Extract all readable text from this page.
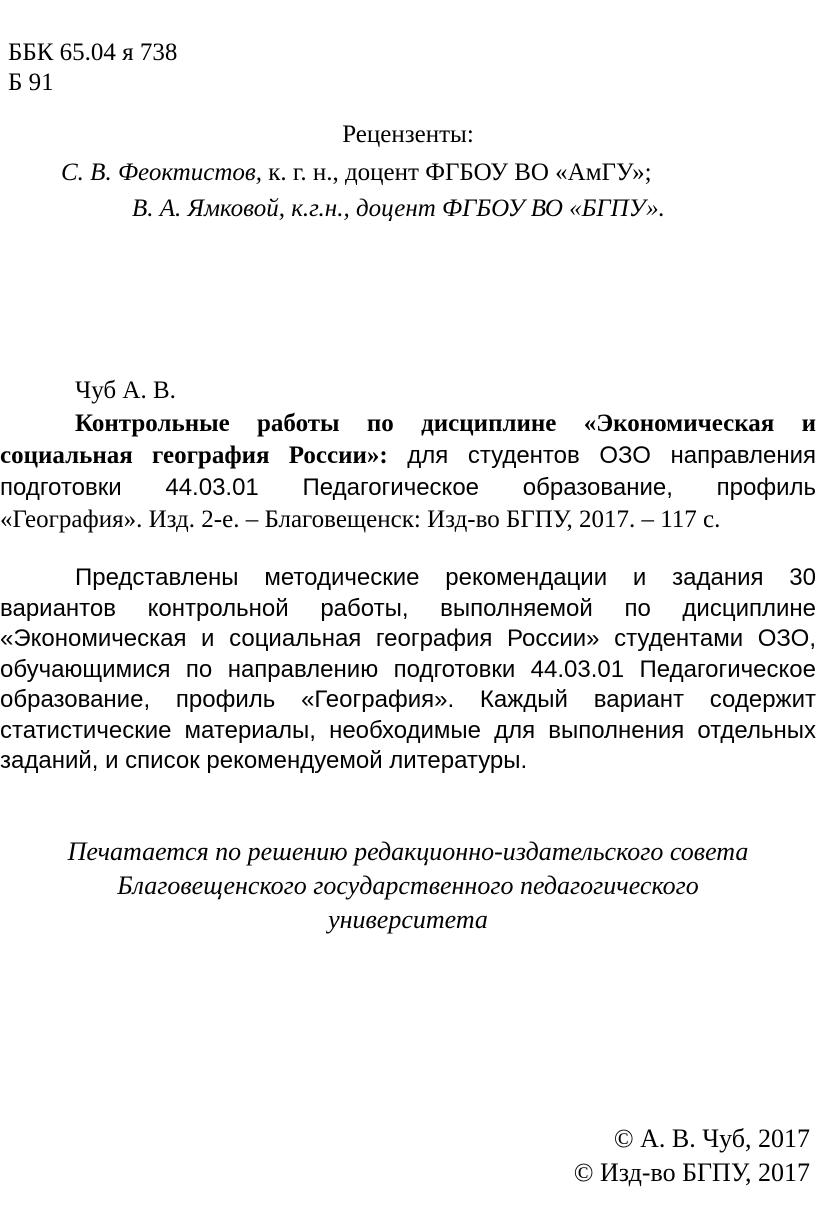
ББК 65.04 я 738
Б 91
Рецензенты:
С. В. Феоктистов, к. г. н., доцент ФГБОУ ВО «АмГУ»;
В. А. Ямковой, к.г.н., доцент ФГБОУ ВО «БГПУ».
Чуб А. В.
Контрольные работы по дисциплине «Экономическая и социальная география России»: для студентов ОЗО направления подготовки 44.03.01 Педагогическое образование, профиль «География». Изд. 2-е. – Благовещенск: Изд-во БГПУ, 2017. – 117 с.
Представлены методические рекомендации и задания 30 вариантов контрольной работы, выполняемой по дисциплине «Экономическая и социальная география России» студентами ОЗО, обучающимися по направлению подготовки 44.03.01 Педагогическое образование, профиль «География». Каждый вариант содержит статистические материалы, необходимые для выполнения отдельных заданий, и список рекомендуемой литературы.
Печатается по решению редакционно-издательского совета
Благовещенского государственного педагогического
университета
© А. В. Чуб, 2017
© Изд-во БГПУ, 2017
